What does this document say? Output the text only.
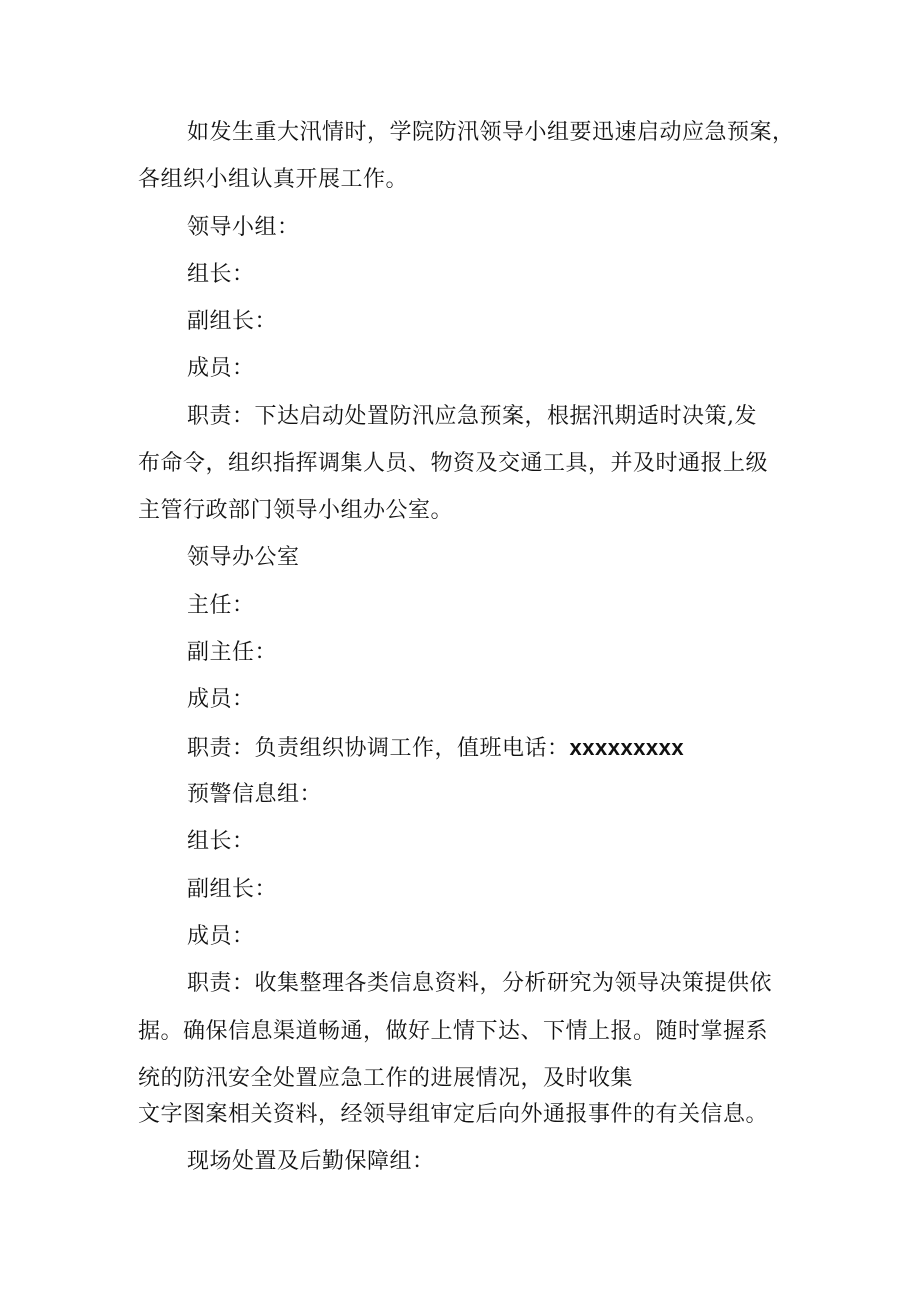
如发生重大汛情时，学院防汛领导小组要迅速启动应急预案，
各组织小组认真开展工作。
领导小组：
组长：
副组长：
成员：
职责：下达启动处置防汛应急预案，根据汛期适时决策,发
布命令，组织指挥调集人员、物资及交通工具，并及时通报上级
主管行政部门领导小组办公室。
领导办公室
主任：
副主任：
成员：
职责：负责组织协调工作，值班电话：xxxxxxxxx
预警信息组：
组长：
副组长：
成员：
职责：收集整理各类信息资料，分析研究为领导决策提供依
据。确保信息渠道畅通，做好上情下达、下情上报。随时掌握系
统的防汛安全处置应急工作的进展情况，及时收集
文字图案相关资料，经领导组审定后向外通报事件的有关信息。
现场处置及后勤保障组：
